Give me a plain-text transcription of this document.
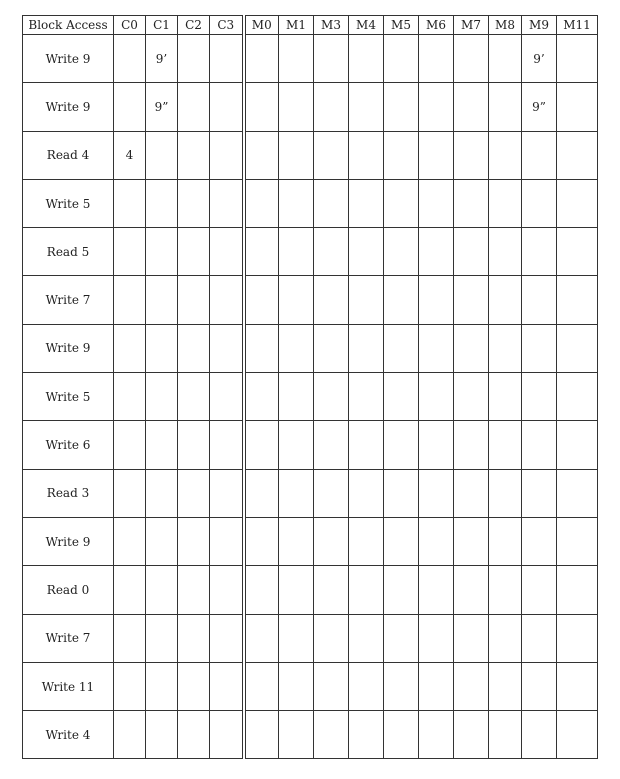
Block Access	C0	C1	C2	C3	M0	M1	M3	M4	M5	M6	M7	M8	M9	M11
Write 9		9’											9’	
Write 9		9”											9”	
Read 4	4													
Write 5														
Read 5														
Write 7														
Write 9														
Write 5														
Write 6														
Read 3														
Write 9														
Read 0														
Write 7														
Write 11														
Write 4														
